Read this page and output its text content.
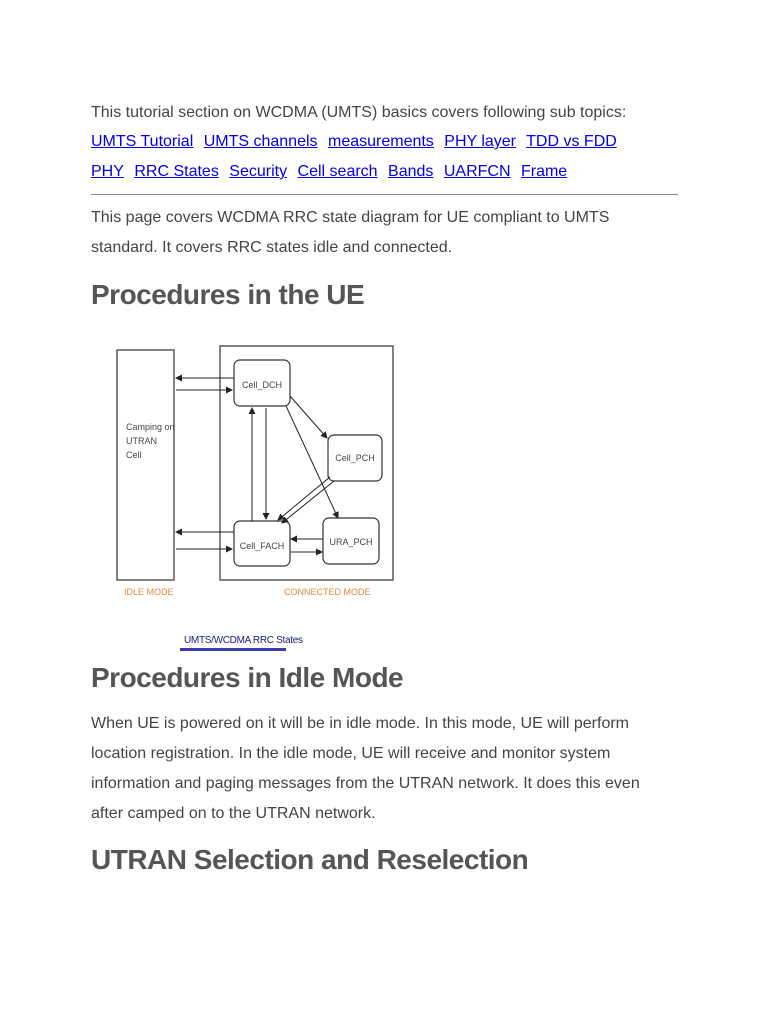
This tutorial section on WCDMA (UMTS) basics covers following sub topics:

UMTS Tutorial UMTS channels measurements PHY layer TDD vs FDD
PHY RRC States Security Cell search Bands UARFCN Frame

This page covers WCDMA RRC state diagram for UE compliant to UMTS standard. It covers RRC states idle and connected.

Procedures in the UE
Camping on
UTRAN
Cell
Cell_DCH
Cell_PCH
Cell_FACH	URA_PCH
IDLE MODE	CONNECTED MODE
UMTS/WCDMA RRC States
Procedures in Idle Mode

When UE is powered on it will be in idle mode. In this mode, UE will perform location registration. In the idle mode, UE will receive and monitor system information and paging messages from the UTRAN network. It does this even after camped on to the UTRAN network.

UTRAN Selection and Reselection
